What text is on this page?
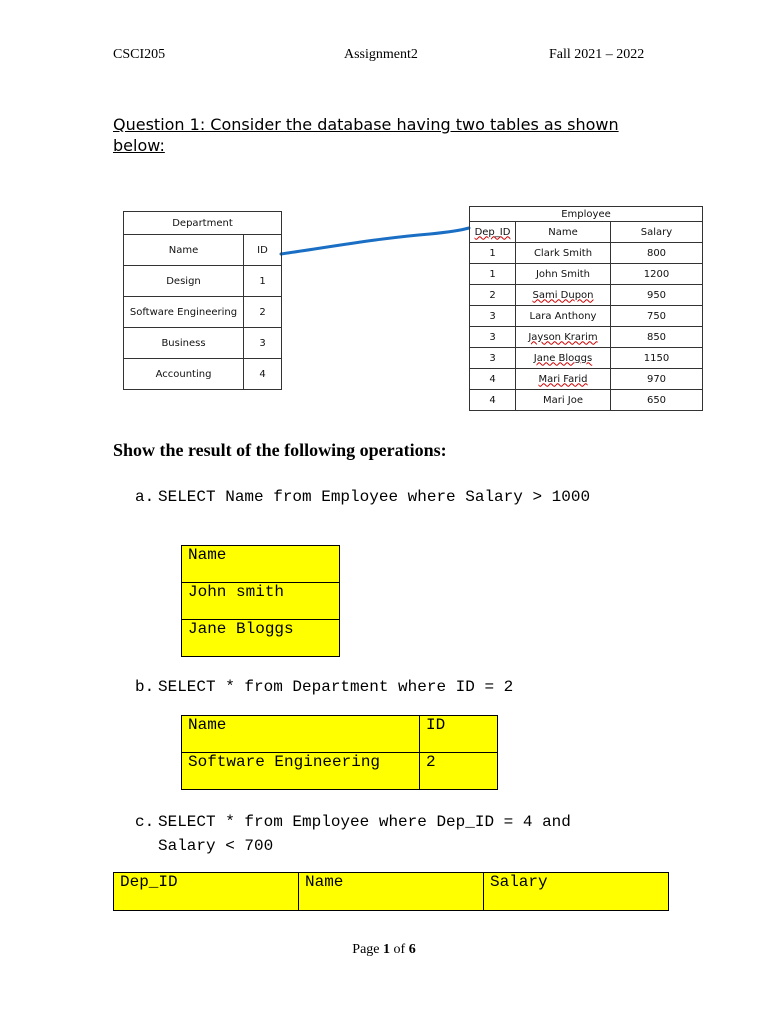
CSCI205	Assignment2	Fall 2021 – 2022
Question 1: Consider the database having two tables as shown below:
Department	
Name	ID
Design	1
Software Engineering	2
Business	3
Accounting	4
Employee		
Dep_ID	Name	Salary
1	Clark Smith	800
1	John Smith	1200
2	Sami Dupon	950
3	Lara Anthony	750
3	Jayson Krarim	850
3	Jane Bloggs	1150
4	Mari Farid	970
4	Mari Joe	650
Show the result of the following operations:
a. SELECT Name from Employee where Salary > 1000
Name
John smith
Jane Bloggs
b. SELECT * from Department where ID = 2
Name	ID
Software Engineering	2
c. SELECT * from Employee where Dep_ID = 4 and
Salary < 700
Dep_ID	Name	Salary
Page 1 of 6
